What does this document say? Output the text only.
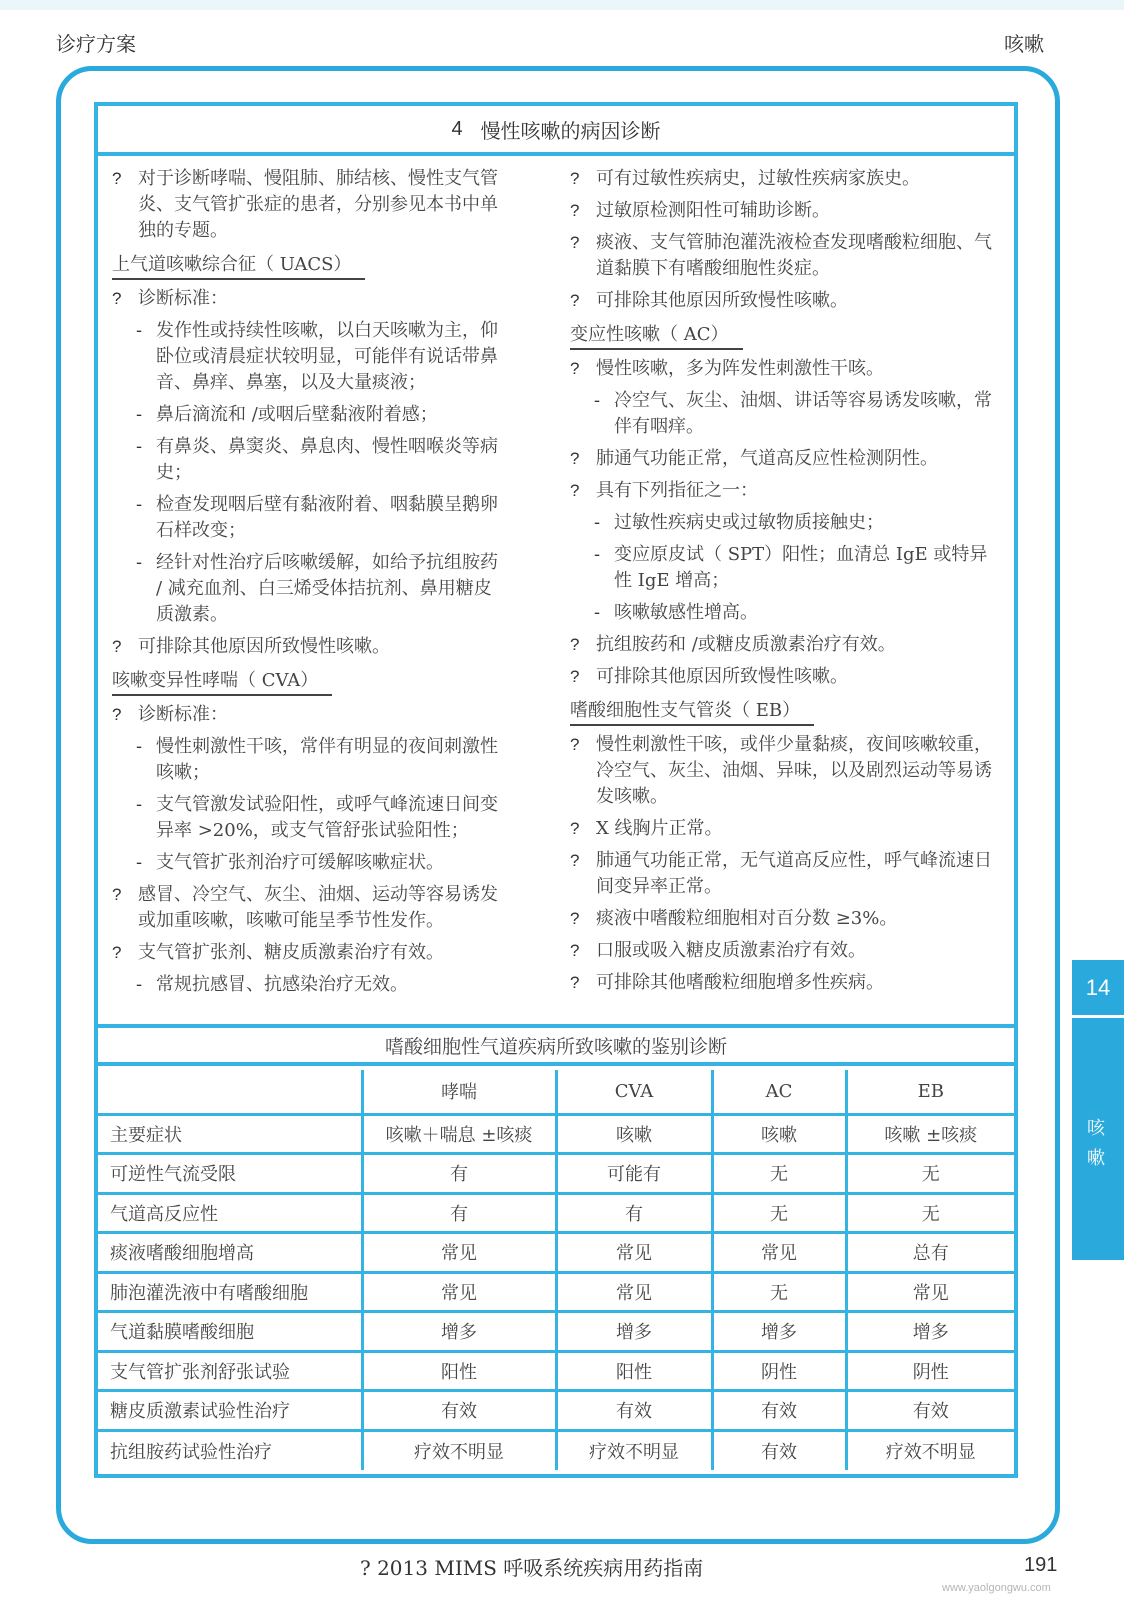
诊疗方案	咳嗽
4 慢性咳嗽的病因诊断
? 对于诊断哮喘、慢阻肺、肺结核、慢性支气管炎、支气管扩张症的患者，分别参见本书中单独的专题。
上气道咳嗽综合征（ UACS）
? 诊断标准：
- 发作性或持续性咳嗽，以白天咳嗽为主，仰卧位或清晨症状较明显，可能伴有说话带鼻音、鼻痒、鼻塞，以及大量痰液；
- 鼻后滴流和 /或咽后壁黏液附着感；
- 有鼻炎、鼻窦炎、鼻息肉、慢性咽喉炎等病史；
- 检查发现咽后壁有黏液附着、咽黏膜呈鹅卵石样改变；
- 经针对性治疗后咳嗽缓解，如给予抗组胺药 / 减充血剂、白三烯受体拮抗剂、鼻用糖皮质激素。
? 可排除其他原因所致慢性咳嗽。
咳嗽变异性哮喘（ CVA）
? 诊断标准：
- 慢性刺激性干咳，常伴有明显的夜间刺激性咳嗽；
- 支气管激发试验阳性，或呼气峰流速日间变异率 >20%，或支气管舒张试验阳性；
- 支气管扩张剂治疗可缓解咳嗽症状。
? 感冒、冷空气、灰尘、油烟、运动等容易诱发或加重咳嗽，咳嗽可能呈季节性发作。
? 支气管扩张剂、糖皮质激素治疗有效。
- 常规抗感冒、抗感染治疗无效。
? 可有过敏性疾病史，过敏性疾病家族史。
? 过敏原检测阳性可辅助诊断。
? 痰液、支气管肺泡灌洗液检查发现嗜酸粒细胞、气道黏膜下有嗜酸细胞性炎症。
? 可排除其他原因所致慢性咳嗽。
变应性咳嗽（ AC）
? 慢性咳嗽，多为阵发性刺激性干咳。
- 冷空气、灰尘、油烟、讲话等容易诱发咳嗽，常伴有咽痒。
? 肺通气功能正常，气道高反应性检测阴性。
? 具有下列指征之一：
- 过敏性疾病史或过敏物质接触史；
- 变应原皮试（ SPT）阳性；血清总 IgE 或特异性 IgE 增高；
- 咳嗽敏感性增高。
? 抗组胺药和 /或糖皮质激素治疗有效。
? 可排除其他原因所致慢性咳嗽。
嗜酸细胞性支气管炎（ EB）
? 慢性刺激性干咳，或伴少量黏痰，夜间咳嗽较重，冷空气、灰尘、油烟、异味，以及剧烈运动等易诱发咳嗽。
? X 线胸片正常。
? 肺通气功能正常，无气道高反应性，呼气峰流速日间变异率正常。
? 痰液中嗜酸粒细胞相对百分数 ≥3%。
? 口服或吸入糖皮质激素治疗有效。
? 可排除其他嗜酸粒细胞增多性疾病。
嗜酸细胞性气道疾病所致咳嗽的鉴别诊断
	哮喘	CVA	AC	EB
主要症状	咳嗽＋喘息 ±咳痰	咳嗽	咳嗽	咳嗽 ±咳痰
可逆性气流受限	有	可能有	无	无
气道高反应性	有	有	无	无
痰液嗜酸细胞增高	常见	常见	常见	总有
肺泡灌洗液中有嗜酸细胞	常见	常见	无	常见
气道黏膜嗜酸细胞	增多	增多	增多	增多
支气管扩张剂舒张试验	阳性	阳性	阴性	阴性
糖皮质激素试验性治疗	有效	有效	有效	有效
抗组胺药试验性治疗	疗效不明显	疗效不明显	有效	疗效不明显
14
咳嗽
? 2013 MIMS 呼吸系统疾病用药指南	191
www.yaolgongwu.com
